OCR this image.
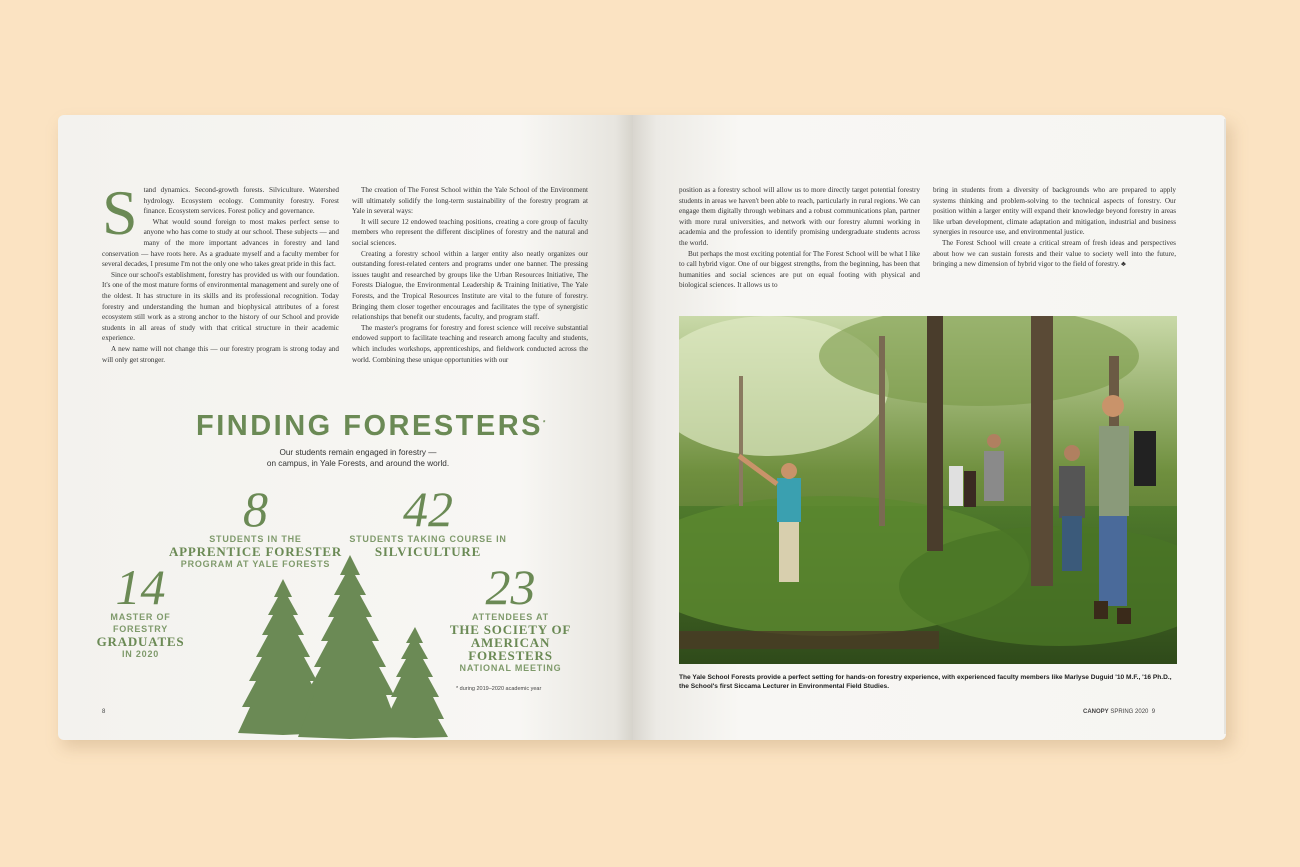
S tand dynamics. Second-growth forests. Silviculture. Watershed hydrology. Ecosystem ecology. Community forestry. Forest finance. Ecosystem services. Forest policy and governance.

What would sound foreign to most makes perfect sense to anyone who has come to study at our school. These subjects — and many of the more important advances in forestry and land conservation — have roots here. As a graduate myself and a faculty member for several decades, I presume I'm not the only one who takes great pride in this fact.

Since our school's establishment, forestry has provided us with our foundation. It's one of the most mature forms of environmental management and surely one of the oldest. It has structure in its skills and its professional recognition. Today forestry and understanding the human and biophysical attributes of a forest ecosystem still work as a strong anchor to the history of our School and provide students in all areas of study with that critical structure in their academic experience.

A new name will not change this — our forestry program is strong today and will only get stronger.

The creation of The Forest School within the Yale School of the Environment will ultimately solidify the long-term sustainability of the forestry program at Yale in several ways:

It will secure 12 endowed teaching positions, creating a core group of faculty members who represent the different disciplines of forestry and the natural and social sciences.

Creating a forestry school within a larger entity also neatly organizes our outstanding forest-related centers and programs under one banner. The pressing issues taught and researched by groups like the Urban Resources Initiative, The Forests Dialogue, the Environmental Leadership & Training Initiative, The Yale Forests, and the Tropical Resources Institute are vital to the future of forestry. Bringing them closer together encourages and facilitates the type of synergistic relationships that benefit our students, faculty, and program staff.

The master's programs for forestry and forest science will receive substantial endowed support to facilitate teaching and research among faculty and students, which includes workshops, apprenticeships, and fieldwork conducted across the world. Combining these unique opportunities with our

FINDING FORESTERS*
Our students remain engaged in forestry —
on campus, in Yale Forests, and around the world.
8
STUDENTS IN THE
APPRENTICE FORESTER
PROGRAM AT YALE FORESTS
42
STUDENTS TAKING COURSE IN
SILVICULTURE
14
MASTER OF
FORESTRY
GRADUATES
IN 2020
23
ATTENDEES AT
THE SOCIETY OF
AMERICAN FORESTERS
NATIONAL MEETING
* during 2019–2020 academic year
8

position as a forestry school will allow us to more directly target potential forestry students in areas we haven't been able to reach, particularly in rural regions. We can engage them digitally through webinars and a robust communications plan, partner with more rural universities, and network with our forestry alumni working in academia and the profession to identify promising undergraduate students across the world.

But perhaps the most exciting potential for The Forest School will be what I like to call hybrid vigor. One of our biggest strengths, from the beginning, has been that humanities and social sciences are put on equal footing with physical and biological sciences. It allows us to

bring in students from a diversity of backgrounds who are prepared to apply systems thinking and problem-solving to the technical aspects of forestry. Our position within a larger entity will expand their knowledge beyond forestry in areas like urban development, climate adaptation and mitigation, industrial and business synergies in resource use, and environmental justice.

The Forest School will create a critical stream of fresh ideas and perspectives about how we can sustain forests and their value to society well into the future, bringing a new dimension of hybrid vigor to the field of forestry. ♣

The Yale School Forests provide a perfect setting for hands-on forestry experience, with experienced faculty members like Marlyse Duguid '10 M.F., '16 Ph.D., the School's first Siccama Lecturer in Environmental Field Studies.
CANOPY SPRING 2020 9
